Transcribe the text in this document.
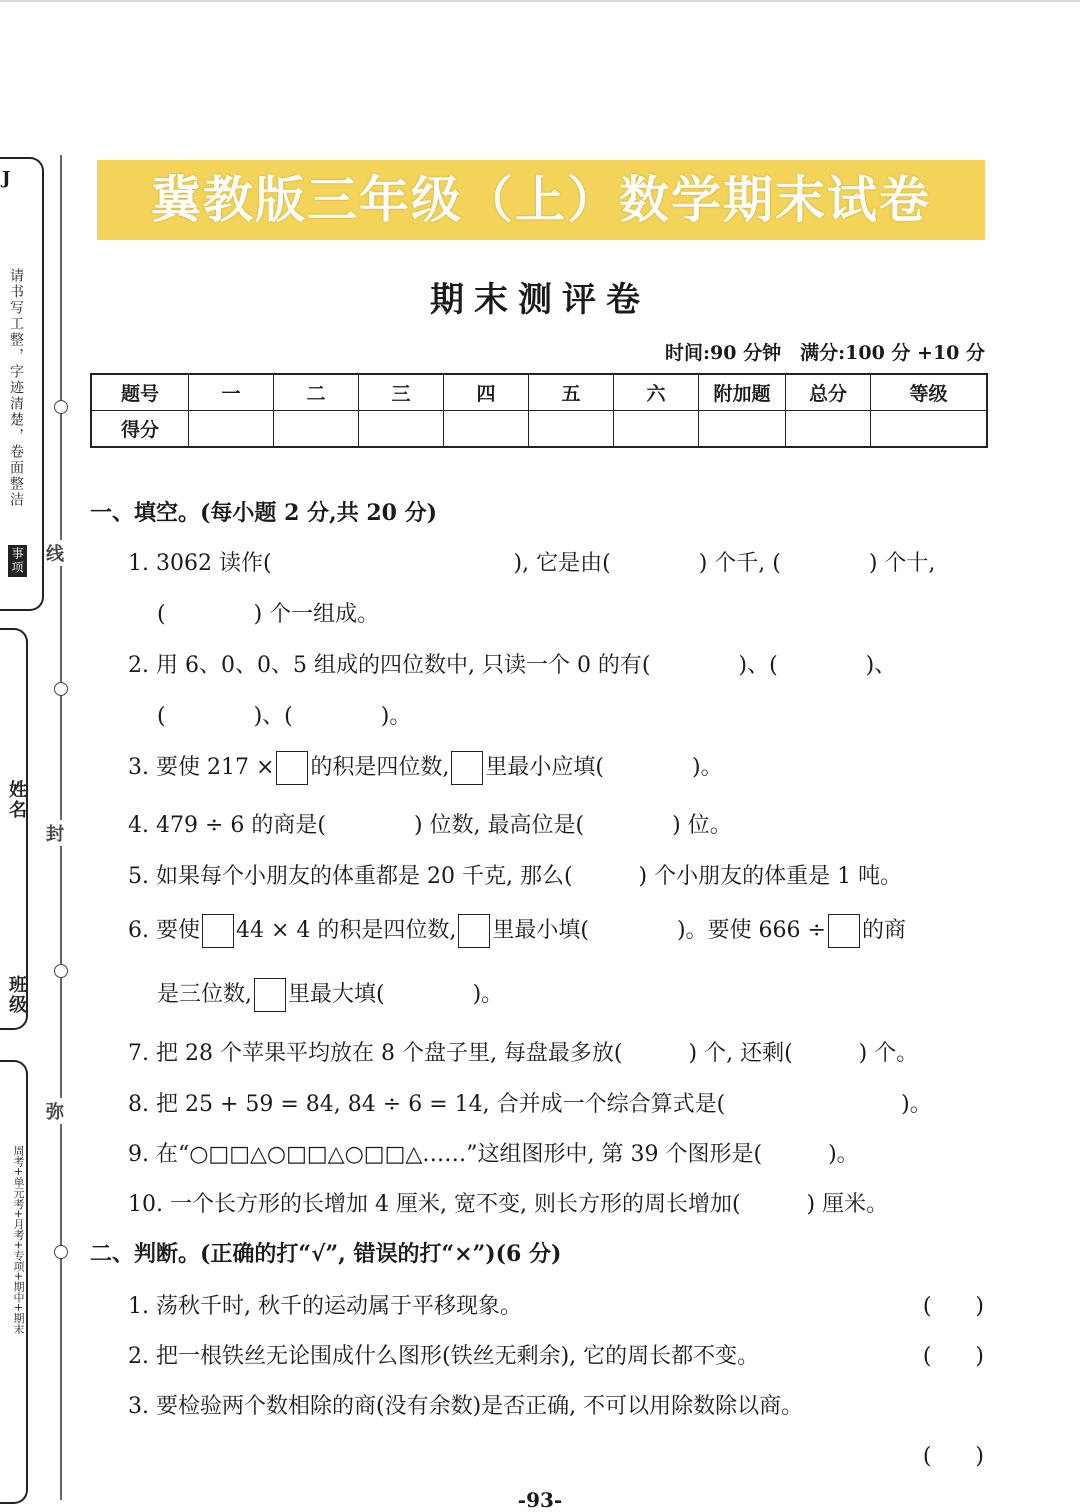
J
请书写工整，字迹清楚，卷面整洁
事项
姓名
班级
周考+单元考+月考+专项+期中+期末
线
封
弥
冀教版三年级（上）数学期末试卷
期末测评卷
时间:90 分钟　满分:100 分 +10 分
题号	一	二	三	四	五	六	附加题	总分	等级
得分									
一、填空。(每小题 2 分,共 20 分)
1. 3062 读作(　　　　　　　　　　　), 它是由(　　　　) 个千, (　　　　) 个十,
(　　　　) 个一组成。
2. 用 6、0、0、5 组成的四位数中, 只读一个 0 的有(　　　　)、(　　　　)、
(　　　　)、(　　　　)。
3. 要使 217 × 的积是四位数, 里最小应填(　　　　)。
4. 479 ÷ 6 的商是(　　　　) 位数, 最高位是(　　　　) 位。
5. 如果每个小朋友的体重都是 20 千克, 那么(　　　) 个小朋友的体重是 1 吨。
6. 要使 44 × 4 的积是四位数, 里最小填(　　　　)。要使 666 ÷ 的商
是三位数, 里最大填(　　　　)。
7. 把 28 个苹果平均放在 8 个盘子里, 每盘最多放(　　　) 个, 还剩(　　　) 个。
8. 把 25 + 59 = 84, 84 ÷ 6 = 14, 合并成一个综合算式是(　　　　　　　　)。
9. 在“○□□△○□□△○□□△……”这组图形中, 第 39 个图形是(　　　)。
10. 一个长方形的长增加 4 厘米, 宽不变, 则长方形的周长增加(　　　) 厘米。
二、判断。(正确的打“√”, 错误的打“×”)(6 分)
1. 荡秋千时, 秋千的运动属于平移现象。	(　　)
2. 把一根铁丝无论围成什么图形(铁丝无剩余), 它的周长都不变。	(　　)
3. 要检验两个数相除的商(没有余数)是否正确, 不可以用除数除以商。
(　　)
-93-
